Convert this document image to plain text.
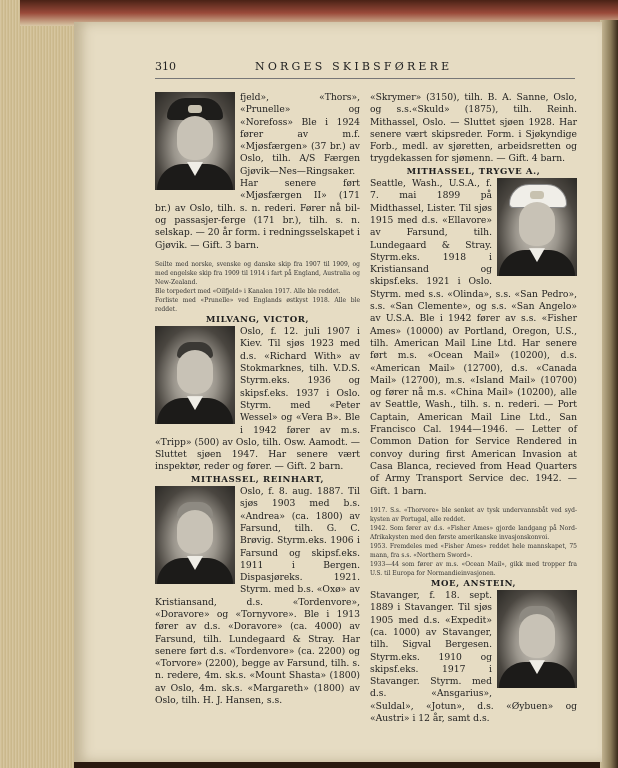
310	NORGES SKIBSFØRERE

fjeld», «Thors», «Prunelle» og «Norefoss» Ble i 1924 fører av m.f. «Mjøsfærgen» (37 br.) av Oslo, tilh. A/S Færgen Gjøvik—Nes—Ringsaker. Har senere ført «Mjøsfærgen II» (171 br.) av Oslo, tilh. s. n. rederi. Fører nå bil- og passasjer-ferge (171 br.), tilh. s. n. selskap. — 20 år form. i redningsselskapet i Gjøvik. — Gift. 3 barn.

Seilte med norske, svenske og danske skip fra 1907 til 1909, og med engelske skip fra 1909 til 1914 i fart på England, Australia og New-Zealand.

Ble torpedert med «Oilfjeld» i Kanalen 1917. Alle ble reddet.

Forliste med «Prunelle» ved Englands østkyst 1918. Alle ble reddet.

MILVANG, VICTOR,

Oslo, f. 12. juli 1907 i Kiev. Til sjøs 1923 med d.s. «Richard With» av Stokmarknes, tilh. V.D.S. Styrm.eks. 1936 og skipsf.eks. 1937 i Oslo. Styrm. med «Peter Wessel» og «Vera B». Ble i 1942 fører av m.s. «Tripp» (500) av Oslo, tilh. Osw. Aamodt. — Sluttet sjøen 1947. Har senere vært inspektør, reder og fører. — Gift. 2 barn.

MITHASSEL, REINHART,

Oslo, f. 8. aug. 1887. Til sjøs 1903 med b.s. «Andrea» (ca. 1800) av Farsund, tilh. G. C. Brøvig. Styrm.eks. 1906 i Farsund og skipsf.eks. 1911 i Bergen. Dispasjøreks. 1921. Styrm. med b.s. «Oxø» av Kristiansand, d.s. «Tordenvore», «Doravore» og «Tornyvore». Ble i 1913 fører av d.s. «Doravore» (ca. 4000) av Farsund, tilh. Lundegaard & Stray. Har senere ført d.s. «Tordenvore» (ca. 2200) og «Torvore» (2200), begge av Farsund, tilh. s. n. redere, 4m. sk.s. «Mount Shasta» (1800) av Oslo, 4m. sk.s. «Margareth» (1800) av Oslo, tilh. H. J. Hansen, s.s.

«Skrymer» (3150), tilh. B. A. Sanne, Oslo, og s.s.«Skuld» (1875), tilh. Reinh. Mithassel, Oslo. — Sluttet sjøen 1928. Har senere vært skipsreder. Form. i Sjøkyndige Forb., medl. av sjøretten, arbeidsretten og trygdekassen for sjømenn. — Gift. 4 barn.

MITHASSEL, TRYGVE A.,

Seattle, Wash., U.S.A., f. 7. mai 1899 på Midthassel, Lister. Til sjøs 1915 med d.s. «Ellavore» av Farsund, tilh. Lundegaard & Stray. Styrm.eks. 1918 i Kristiansand og skipsf.eks. 1921 i Oslo. Styrm. med s.s. «Olinda», s.s. «San Pedro», s.s. «San Clemente», og s.s. «San Angelo» av U.S.A. Ble i 1942 fører av s.s. «Fisher Ames» (10000) av Portland, Oregon, U.S., tilh. American Mail Line Ltd. Har senere ført m.s. «Ocean Mail» (10200), d.s. «American Mail» (12700), d.s. «Canada Mail» (12700), m.s. «Island Mail» (10700) og fører nå m.s. «China Mail» (10200), alle av Seattle, Wash., tilh. s. n. rederi. — Port Captain, American Mail Line Ltd., San Francisco Cal. 1944—1946. — Letter of Common Dation for Service Rendered in convoy during first American Invasion at Casa Blanca, recieved from Head Quarters of Army Transport Service dec. 1942. — Gift. 1 barn.

1917. S.s. «Thorvore» ble senket av tysk undervannsbåt ved syd-kysten av Portugal, alle reddet.

1942. Som fører av d.s. «Fisher Ames» gjorde landgang på Nord-Afrikakysten med den første amerikanske invasjonskonvoi.

1953. Fremdeles med «Fisher Ames» reddet hele mannskapet, 75 mann, fra s.s. «Northern Sword».

1933—44 som fører av m.s. «Ocean Mail», gikk med tropper fra U.S. til Europa for Normandieinvasjonen.

MOE, ANSTEIN,

Stavanger, f. 18. sept. 1889 i Stavanger. Til sjøs 1905 med d.s. «Expedit» (ca. 1000) av Stavanger, tilh. Sigval Bergesen. Styrm.eks. 1910 og skipsf.eks. 1917 i Stavanger. Styrm. med d.s. «Ansgarius», «Suldal», «Jotun», d.s. «Øybuen» og «Austri» i 12 år, samt d.s.
